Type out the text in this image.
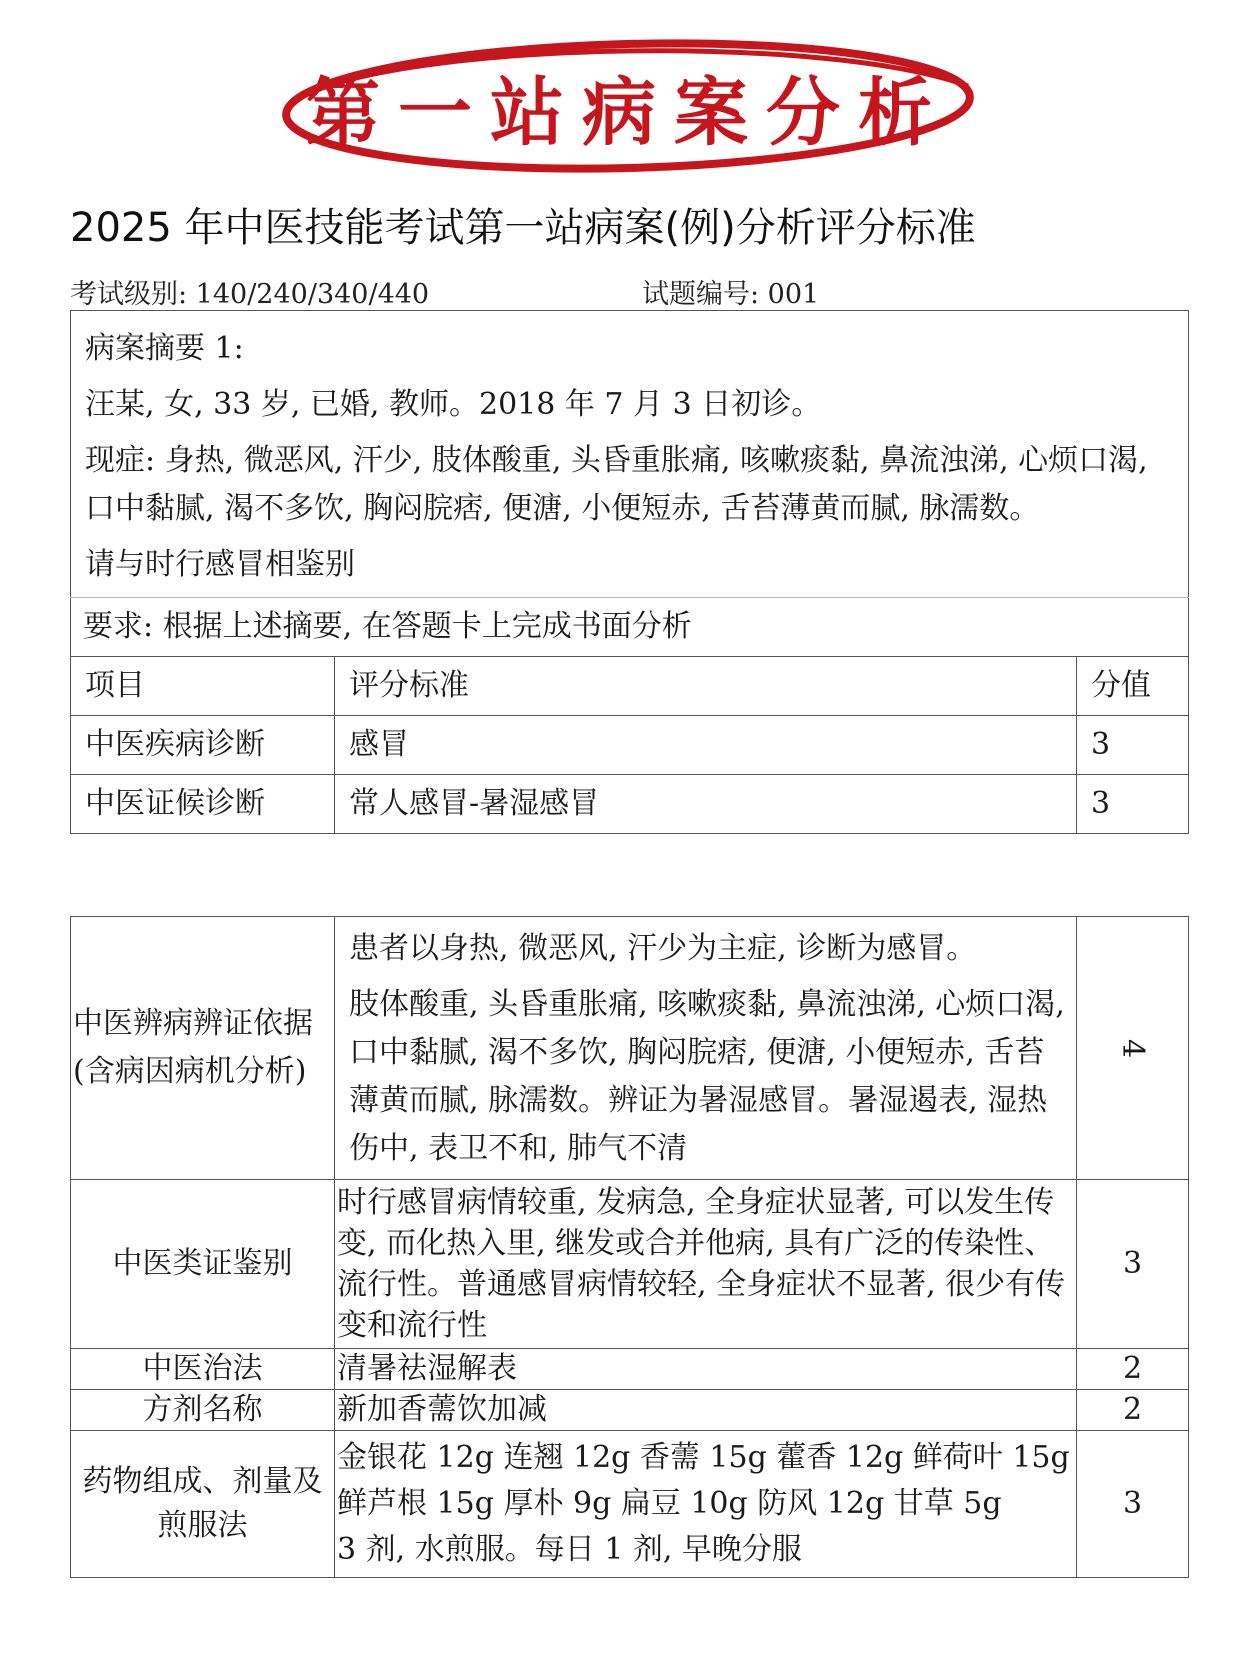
第一站病案分析
2025 年中医技能考试第一站病案(例)分析评分标准
考试级别: 140/240/340/440	试题编号: 001

病案摘要 1:

汪某, 女, 33 岁, 已婚, 教师。2018 年 7 月 3 日初诊。

现症: 身热, 微恶风, 汗少, 肢体酸重, 头昏重胀痛, 咳嗽痰黏, 鼻流浊涕, 心烦口渴, 口中黏腻, 渴不多饮, 胸闷脘痞, 便溏, 小便短赤, 舌苔薄黄而腻, 脉濡数。

请与时行感冒相鉴别		

要求: 根据上述摘要, 在答题卡上完成书面分析		

项目	评分标准	分值

中医疾病诊断	感冒	3

中医证候诊断	常人感冒-暑湿感冒	3
中医辨病辨证依据(含病因病机分析)	患者以身热, 微恶风, 汗少为主症, 诊断为感冒。

肢体酸重, 头昏重胀痛, 咳嗽痰黏, 鼻流浊涕, 心烦口渴, 口中黏腻, 渴不多饮, 胸闷脘痞, 便溏, 小便短赤, 舌苔薄黄而腻, 脉濡数。辨证为暑湿感冒。暑湿遏表, 湿热伤中, 表卫不和, 肺气不清	4

中医类证鉴别	时行感冒病情较重, 发病急, 全身症状显著, 可以发生传变, 而化热入里, 继发或合并他病, 具有广泛的传染性、流行性。普通感冒病情较轻, 全身症状不显著, 很少有传变和流行性	3

中医治法	清暑祛湿解表	2

方剂名称	新加香薷饮加减	2

药物组成、剂量及煎服法	金银花 12g 连翘 12g 香薷 15g 藿香 12g 鲜荷叶 15g
鲜芦根 15g 厚朴 9g 扁豆 10g 防风 12g 甘草 5g
3 剂, 水煎服。每日 1 剂, 早晚分服	3
